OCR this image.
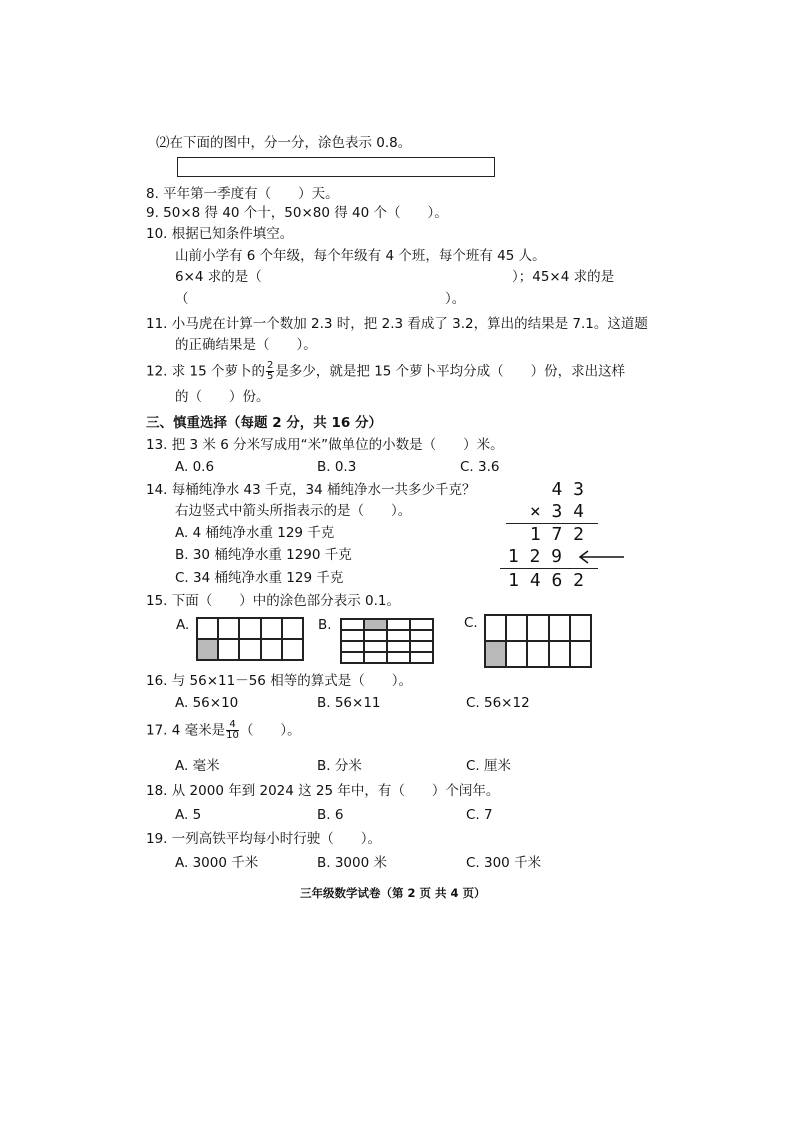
⑵在下面的图中，分一分，涂色表示 0.8。
8. 平年第一季度有（　　）天。
9. 50×8 得 40 个十，50×80 得 40 个（　　）。
10. 根据已知条件填空。
山前小学有 6 个年级，每个年级有 4 个班，每个班有 45 人。
6×4 求的是（	）；45×4 求的是
（	）。
11. 小马虎在计算一个数加 2.3 时，把 2.3 看成了 3.2，算出的结果是 7.1。这道题
的正确结果是（　　）。
12. 求 15 个萝卜的 $\frac{2}{5}$ 是多少，就是把 15 个萝卜平均分成（　　）份，求出这样
的（　　）份。
三、慎重选择（每题 2 分，共 16 分）
13. 把 3 米 6 分米写成用“米”做单位的小数是（　　）米。
A. 0.6	B. 0.3	C. 3.6
14. 每桶纯净水 43 千克，34 桶纯净水一共多少千克？
右边竖式中箭头所指表示的是（　　）。
A. 4 桶纯净水重 129 千克
B. 30 桶纯净水重 1290 千克
C. 34 桶纯净水重 129 千克
4 3
× 3 4
1 7 2
1 2 9
1 4 6 2
15. 下面（　　）中的涂色部分表示 0.1。
A.	B.	C.
16. 与 56×11－56 相等的算式是（　　）。
A. 56×10	B. 56×11	C. 56×12
17. 4 毫米是 $\frac{4}{10}$ （　　）。
A. 毫米	B. 分米	C. 厘米
18. 从 2000 年到 2024 这 25 年中，有（　　）个闰年。
A. 5	B. 6	C. 7
19. 一列高铁平均每小时行驶（　　）。
A. 3000 千米	B. 3000 米	C. 300 千米
三年级数学试卷（第 2 页 共 4 页）
